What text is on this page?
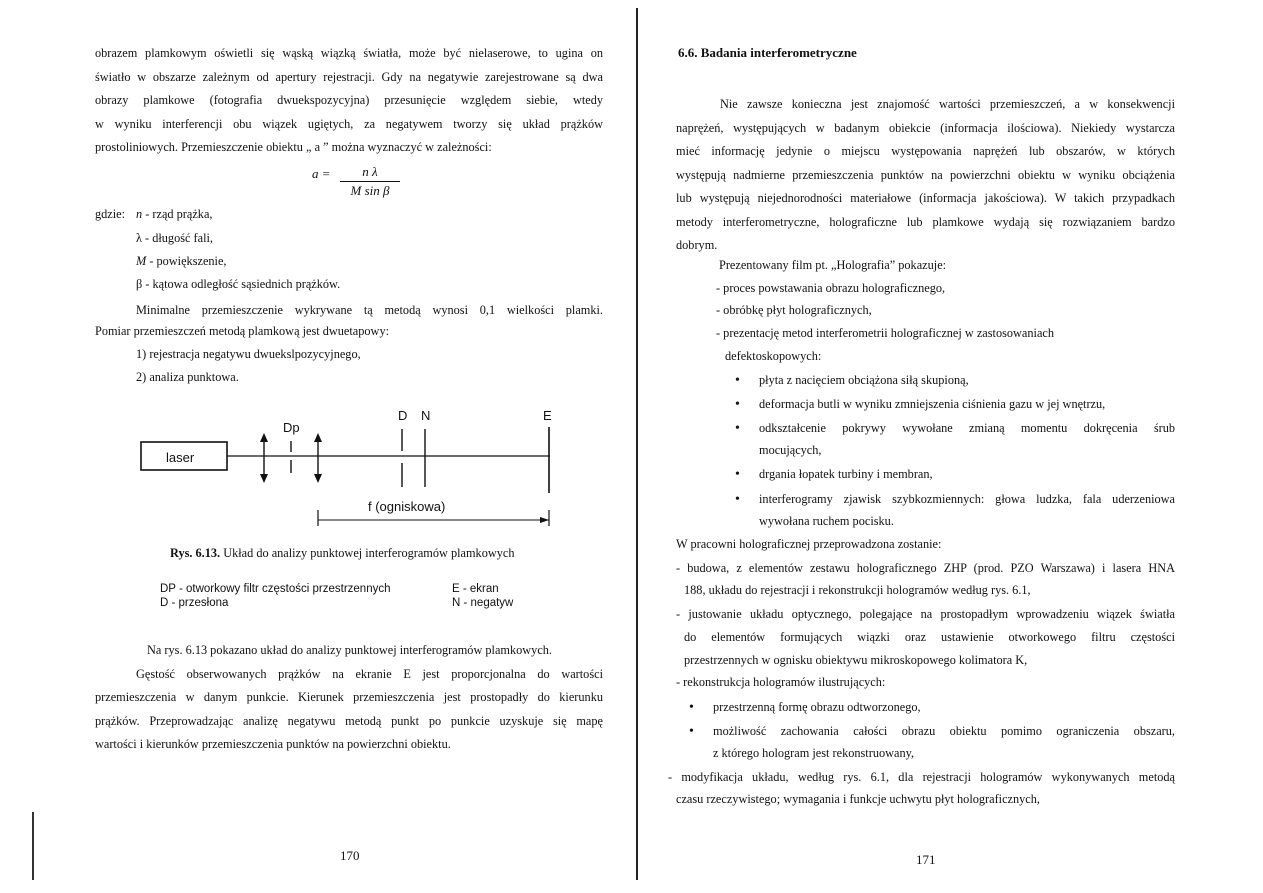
obrazem plamkowym oświetli się wąską wiązką światła, może być nielaserowe, to ugina on
światło w obszarze zależnym od apertury rejestracji. Gdy na negatywie zarejestrowane są dwa
obrazy plamkowe (fotografia dwuekspozycyjna) przesunięcie względem siebie, wtedy
w wyniku interferencji obu wiązek ugiętych, za negatywem tworzy się układ prążków
prostoliniowych. Przemieszczenie obiektu „ a ” można wyznaczyć w zależności:
$a = \frac{\text{n λ}}{\text{M sin β}}$
gdzie: n - rząd prążka,
λ - długość fali,
M - powiększenie,
β - kątowa odległość sąsiednich prążków.
Minimalne przemieszczenie wykrywane tą metodą wynosi 0,1 wielkości plamki.
Pomiar przemieszczeń metodą plamkową jest dwuetapowy:
1) rejestracja negatywu dwuekslpozycyjnego,
2) analiza punktowa.
laser
Dp
D N	E
f (ogniskowa)
Rys. 6.13. Układ do analizy punktowej interferogramów plamkowych
DP - otworkowy filtr częstości przestrzennych
D - przesłona
E - ekran
N - negatyw
Na rys. 6.13 pokazano układ do analizy punktowej interferogramów plamkowych.
Gęstość obserwowanych prążków na ekranie E jest proporcjonalna do wartości
przemieszczenia w danym punkcie. Kierunek przemieszczenia jest prostopadły do kierunku
prążków. Przeprowadzając analizę negatywu metodą punkt po punkcie uzyskuje się mapę
wartości i kierunków przemieszczenia punktów na powierzchni obiektu.
170
6.6. Badania interferometryczne
Nie zawsze konieczna jest znajomość wartości przemieszczeń, a w konsekwencji
naprężeń, występujących w badanym obiekcie (informacja ilościowa). Niekiedy wystarcza
mieć informację jedynie o miejscu występowania naprężeń lub obszarów, w których
występują nadmierne przemieszczenia punktów na powierzchni obiektu w wyniku obciążenia
lub występują niejednorodności materiałowe (informacja jakościowa). W takich przypadkach
metody interferometryczne, holograficzne lub plamkowe wydają się rozwiązaniem bardzo
dobrym.
Prezentowany film pt. „Holografia” pokazuje:
- proces powstawania obrazu holograficznego,
- obróbkę płyt holograficznych,
- prezentację metod interferometrii holograficznej w zastosowaniach
defektoskopowych:
• płyta z nacięciem obciążona siłą skupioną,
• deformacja butli w wyniku zmniejszenia ciśnienia gazu w jej wnętrzu,
• odkształcenie pokrywy wywołane zmianą momentu dokręcenia śrub
mocujących,
• drgania łopatek turbiny i membran,
• interferogramy zjawisk szybkozmiennych: głowa ludzka, fala uderzeniowa
wywołana ruchem pocisku.
W pracowni holograficznej przeprowadzona zostanie:
- budowa, z elementów zestawu holograficznego ZHP (prod. PZO Warszawa) i lasera HNA
188, układu do rejestracji i rekonstrukcji hologramów według rys. 6.1,
- justowanie układu optycznego, polegające na prostopadłym wprowadzeniu wiązek światła
do elementów formujących wiązki oraz ustawienie otworkowego filtru częstości
przestrzennych w ognisku obiektywu mikroskopowego kolimatora K,
- rekonstrukcja hologramów ilustrujących:
• przestrzenną formę obrazu odtworzonego,
• możliwość zachowania całości obrazu obiektu pomimo ograniczenia obszaru,
z którego hologram jest rekonstruowany,
- modyfikacja układu, według rys. 6.1, dla rejestracji hologramów wykonywanych metodą
czasu rzeczywistego; wymagania i funkcje uchwytu płyt holograficznych,
171
